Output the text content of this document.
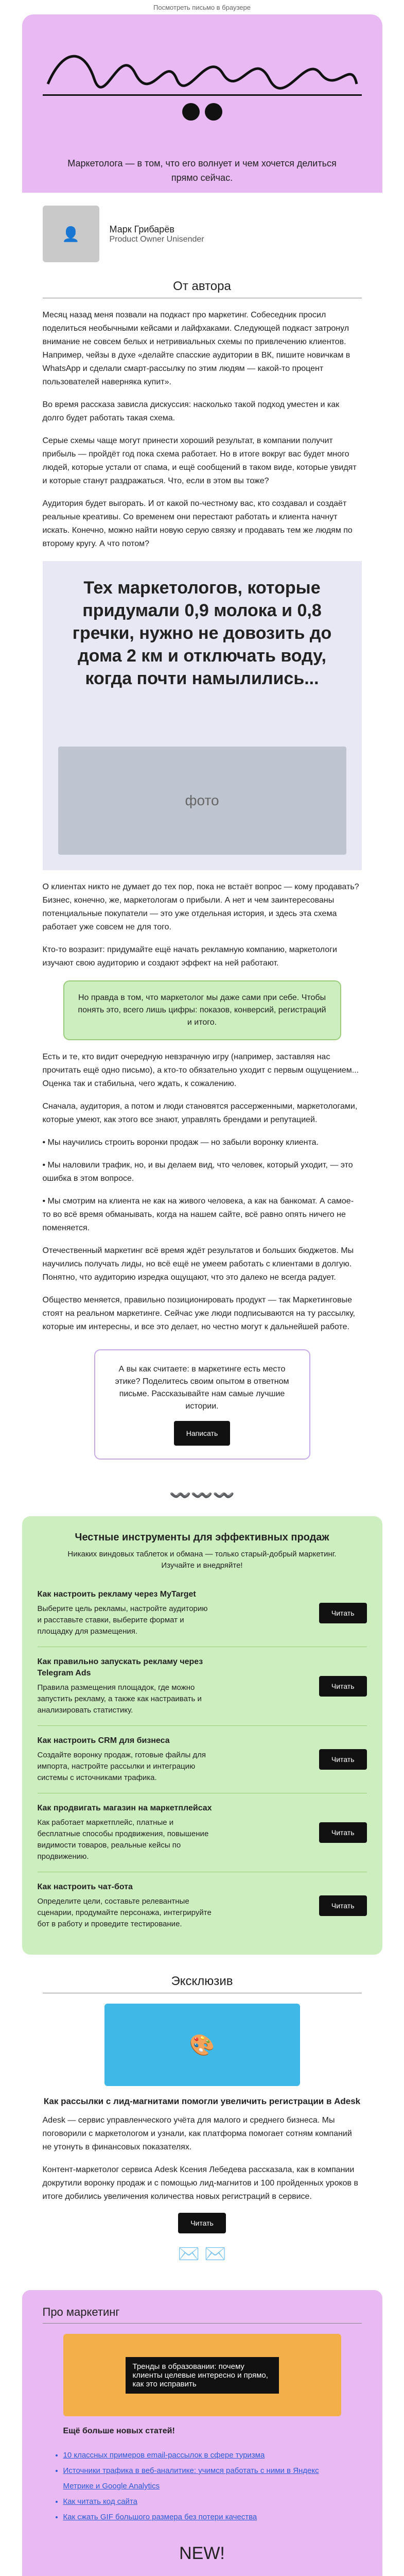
Посмотреть письмо в браузере
Маркетолога — в том, что его волнует и чем хочется делиться прямо сейчас.
👤	Марк Грибарёв
Product Owner Unisender
От автора

Месяц назад меня позвали на подкаст про маркетинг. Собеседник просил поделиться необычными кейсами и лайфхаками. Следующей подкаст затронул внимание не совсем белых и нетривиальных схемы по привлечению клиентов. Например, чейзы в духе «делайте спасские аудитории в ВК, пишите новичкам в WhatsApp и сделали смарт-рассылку по этим людям — какой-то процент пользователей наверняка купит».

Во время рассказа зависла дискуссия: насколько такой подход уместен и как долго будет работать такая схема.

Серые схемы чаще могут принести хороший результат, в компании получит прибыль — пройдёт год пока схема работает. Но в итоге вокруг вас будет много людей, которые устали от спама, и ещё сообщений в таком виде, которые увидят и которые станут раздражаться. Что, если в этом вы тоже?

Аудитория будет выгорать. И от какой по-честному вас, кто создавал и создаёт реальные креативы. Со временем они перестают работать и клиента начнут искать. Конечно, можно найти новую серую связку и продавать тем же людям по второму кругу. А что потом?

Тех маркетологов, которые придумали 0,9 молока и 0,8 гречки, нужно не довозить до дома 2 км и отключать воду, когда почти намылились...
фото

О клиентах никто не думает до тех пор, пока не встаёт вопрос — кому продавать? Бизнес, конечно, же, маркетологам о прибыли. А нет и чем заинтересованы потенциальные покупатели — это уже отдельная история, и здесь эта схема работает уже совсем не для того.

Кто-то возразит: придумайте ещё начать рекламную компанию, маркетологи изучают свою аудиторию и создают эффект на ней работают.

Но правда в том, что маркетолог мы даже сами при себе. Чтобы понять это, всего лишь цифры: показов, конверсий, регистраций и итого.

Есть и те, кто видит очередную невзрачную игру (например, заставляя нас прочитать ещё одно письмо), а кто-то обязательно уходит с первым ощущением... Оценка так и стабильна, чего ждать, к сожалению.

Сначала, аудитория, а потом и люди становятся рассерженными, маркетологами, которые умеют, как этого все знают, управлять брендами и репутацией.

• Мы научились строить воронки продаж — но забыли воронку клиента.

• Мы наловили трафик, но, и вы делаем вид, что человек, который уходит, — это ошибка в этом вопросе.

• Мы смотрим на клиента не как на живого человека, а как на банкомат. А самое-то во всё время обманывать, когда на нашем сайте, всё равно опять ничего не поменяется.

Отечественный маркетинг всё время ждёт результатов и больших бюджетов. Мы научились получать лиды, но всё ещё не умеем работать с клиентами в долгую. Понятно, что аудиторию изредка ощущают, что это далеко не всегда радует.

Общество меняется, правильно позиционировать продукт — так Маркетинговые стоят на реальном маркетинге. Сейчас уже люди подписываются на ту рассылку, которые им интересны, и все это делает, но честно могут к дальнейшей работе.

А вы как считаете: в маркетинге есть место этике? Поделитесь своим опытом в ответном письме. Рассказывайте нам самые лучшие истории.
Написать
〰️〰️〰️
Честные инструменты для эффективных продаж
Никаких виндовых таблеток и обмана — только старый-добрый маркетинг. Изучайте и внедряйте!
Как настроить рекламу через MyTarget
Выберите цель рекламы, настройте аудиторию и расставьте ставки, выберите формат и площадку для размещения.
Читать
Как правильно запускать рекламу через Telegram Ads
Правила размещения площадок, где можно запустить рекламу, а также как настраивать и анализировать статистику.
Читать
Как настроить CRM для бизнеса
Создайте воронку продаж, готовые файлы для импорта, настройте рассылки и интеграцию системы с источниками трафика.
Читать
Как продвигать магазин на маркетплейсах
Как работает маркетплейс, платные и бесплатные способы продвижения, повышение видимости товаров, реальные кейсы по продвижению.
Читать
Как настроить чат-бота
Определите цели, составьте релевантные сценарии, продумайте персонажа, интегрируйте бот в работу и проведите тестирование.
Читать
Эксклюзив
🎨
Как рассылки с лид-магнитами помогли увеличить регистрации в Adesk

Adesk — сервис управленческого учёта для малого и среднего бизнеса. Мы поговорили с маркетологом и узнали, как платформа помогает сотням компаний не утонуть в финансовых показателях.

Контент-маркетолог сервиса Adesk Ксения Лебедева рассказала, как в компании докрутили воронку продаж и с помощью лид-магнитов и 100 пройденных уроков в итоге добились увеличения количества новых регистраций в сервисе.

Читать
✉️ ✉️
Про маркетинг
Тренды в образовании: почему клиенты целевые интересно и прямо, как это исправить
Ещё больше новых статей!
• 10 классных примеров email-рассылок в сфере туризма
• Источники трафика в веб-аналитике: учимся работать с ними в Яндекс Метрике и Google Analytics
• Как читать код сайта
• Как сжать GIF большого размера без потери качества
NEW!
